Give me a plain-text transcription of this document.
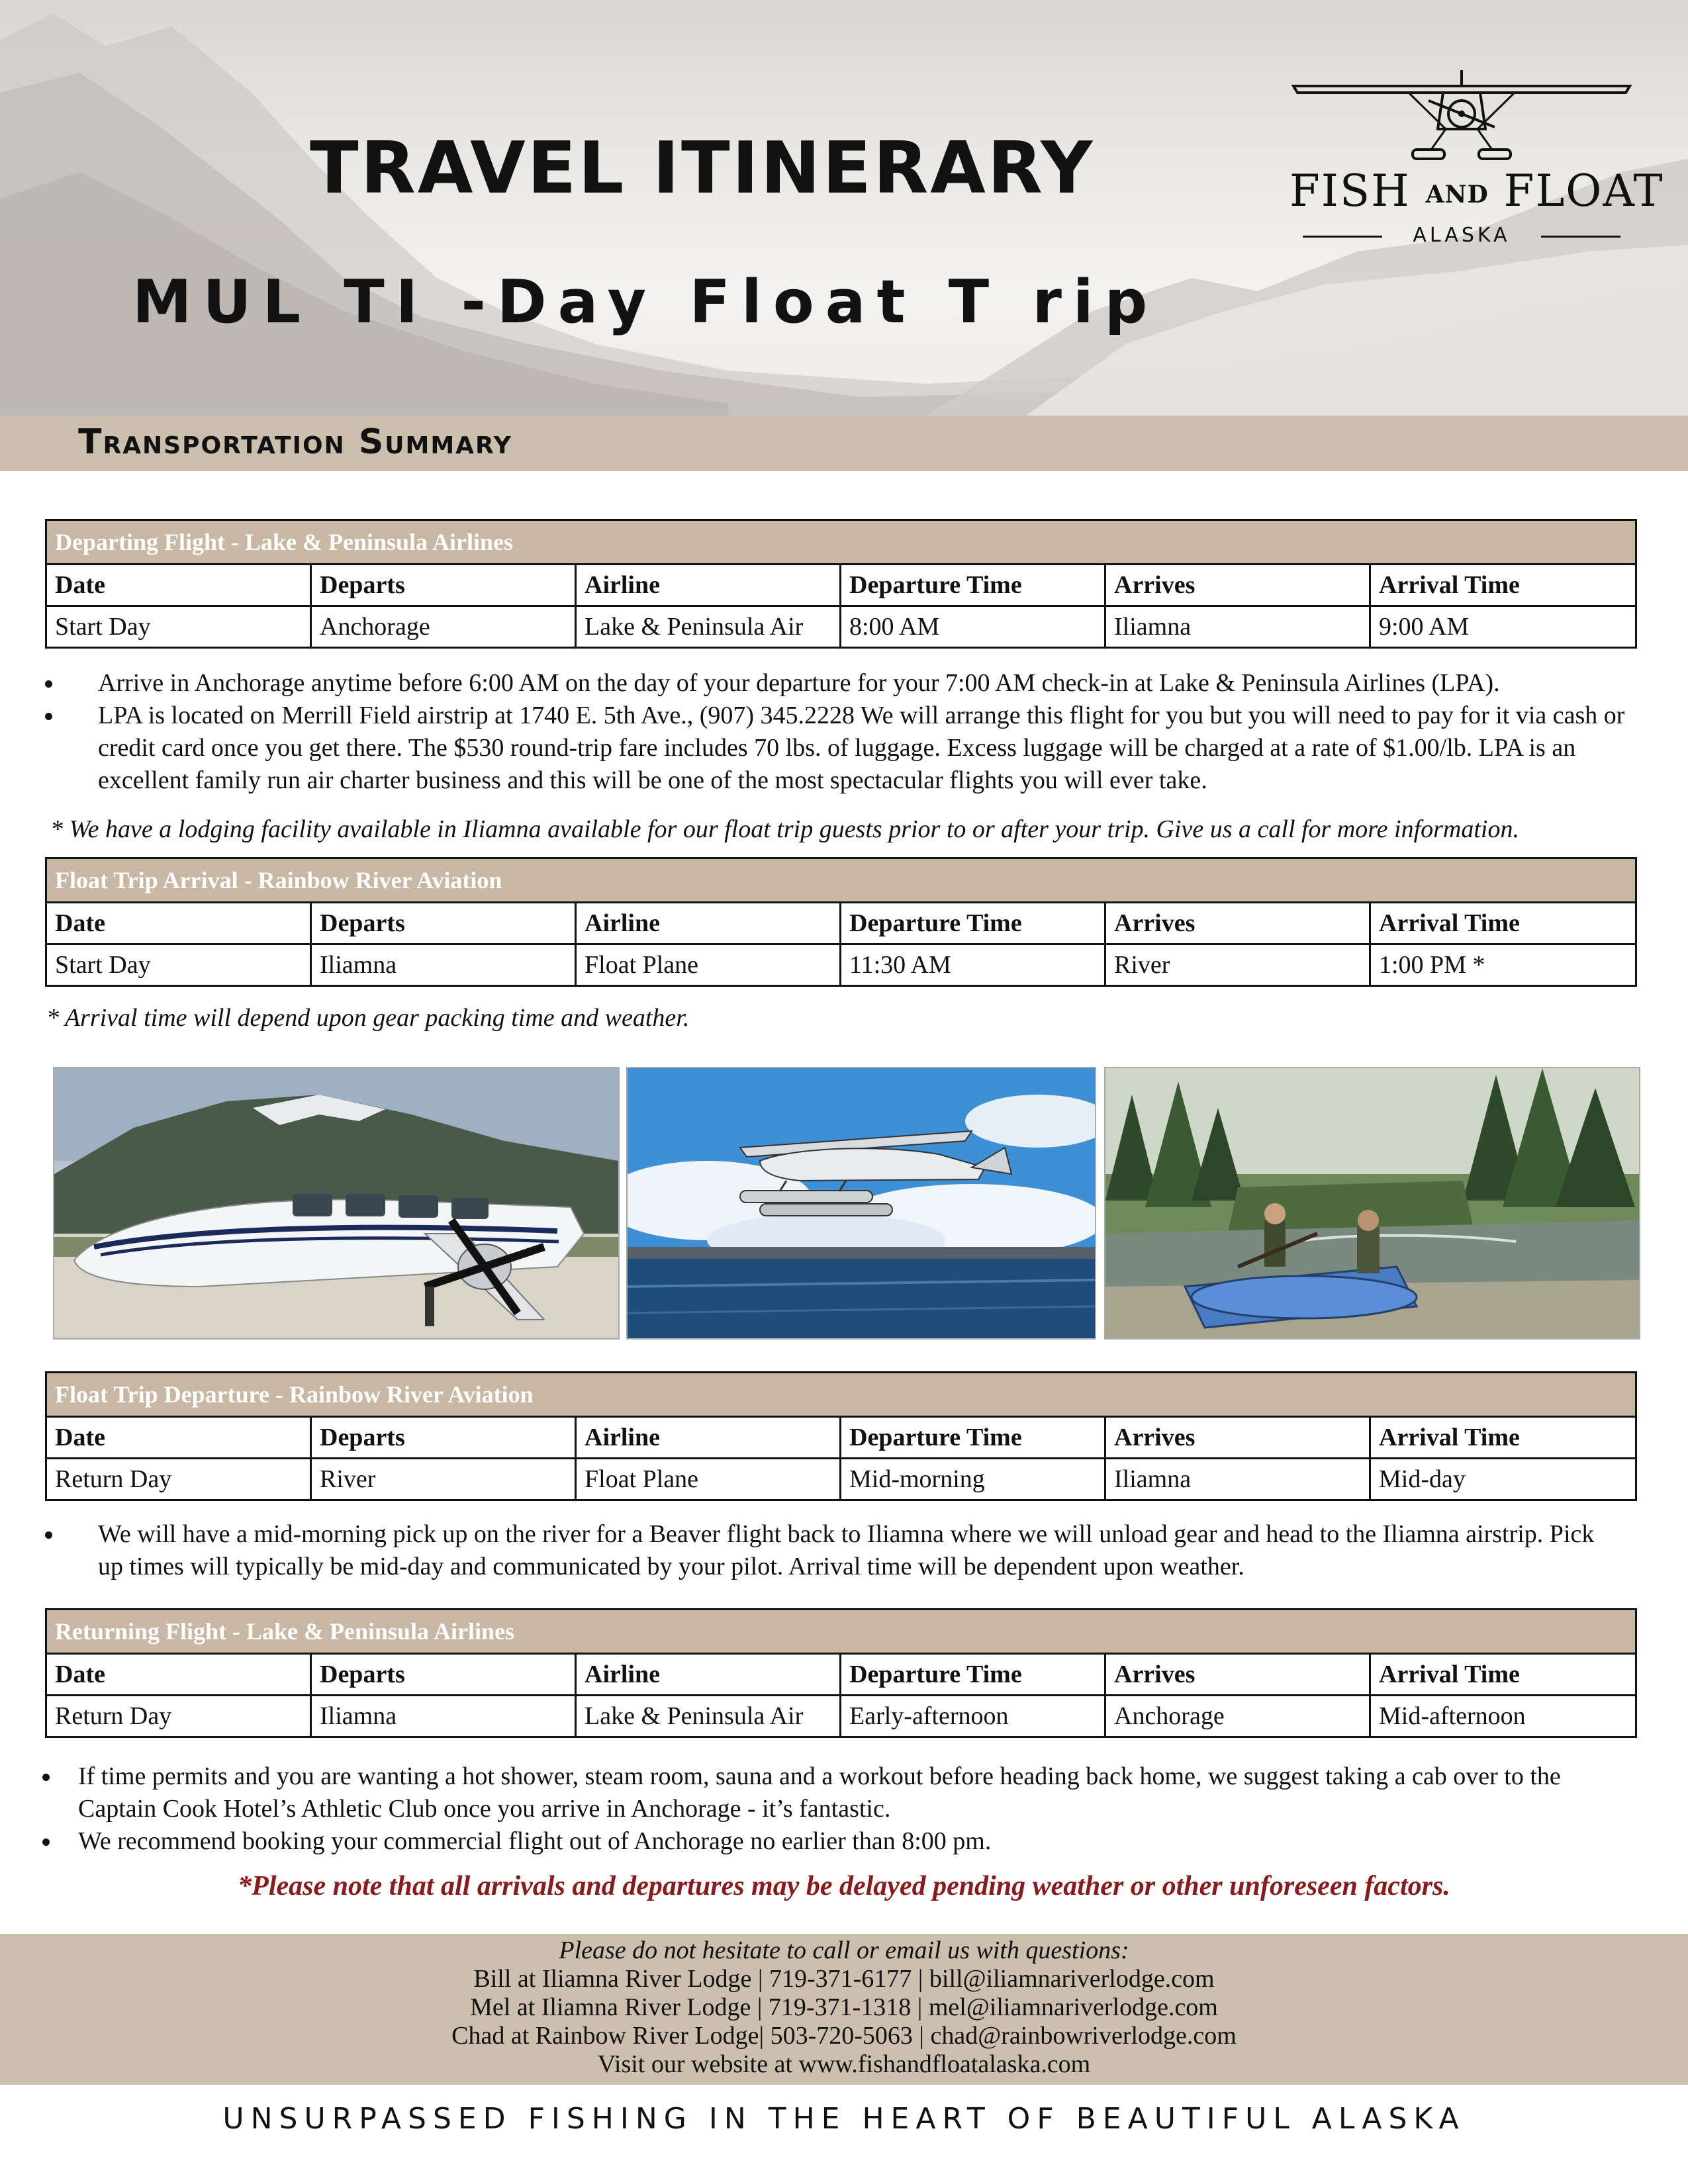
TRAVEL ITINERARY
MUL TI -Day Float T rip
FISH AND FLOAT
ALASKA
Transportation Summary
Departing Flight - Lake & Peninsula Airlines					
Date	Departs	Airline	Departure Time	Arrives	Arrival Time
Start Day	Anchorage	Lake & Peninsula Air	8:00 AM	Iliamna	9:00 AM
Arrive in Anchorage anytime before 6:00 AM on the day of your departure for your 7:00 AM check-in at Lake & Peninsula Airlines (LPA).
LPA is located on Merrill Field airstrip at 1740 E. 5th Ave., (907) 345.2228 We will arrange this flight for you but you will need to pay for it via cash or credit card once you get there. The $530 round-trip fare includes 70 lbs. of luggage. Excess luggage will be charged at a rate of $1.00/lb. LPA is an excellent family run air charter business and this will be one of the most spectacular flights you will ever take.

* We have a lodging facility available in Iliamna available for our float trip guests prior to or after your trip. Give us a call for more information.

Float Trip Arrival - Rainbow River Aviation					
Date	Departs	Airline	Departure Time	Arrives	Arrival Time
Start Day	Iliamna	Float Plane	11:30 AM	River	1:00 PM *

* Arrival time will depend upon gear packing time and weather.

Float Trip Departure - Rainbow River Aviation					
Date	Departs	Airline	Departure Time	Arrives	Arrival Time
Return Day	River	Float Plane	Mid-morning	Iliamna	Mid-day
We will have a mid-morning pick up on the river for a Beaver flight back to Iliamna where we will unload gear and head to the Iliamna airstrip. Pick up times will typically be mid-day and communicated by your pilot. Arrival time will be dependent upon weather.
Returning Flight - Lake & Peninsula Airlines					
Date	Departs	Airline	Departure Time	Arrives	Arrival Time
Return Day	Iliamna	Lake & Peninsula Air	Early-afternoon	Anchorage	Mid-afternoon
If time permits and you are wanting a hot shower, steam room, sauna and a workout before heading back home, we suggest taking a cab over to the Captain Cook Hotel’s Athletic Club once you arrive in Anchorage - it’s fantastic.
We recommend booking your commercial flight out of Anchorage no earlier than 8:00 pm.

*Please note that all arrivals and departures may be delayed pending weather or other unforeseen factors.

Please do not hesitate to call or email us with questions:

Bill at Iliamna River Lodge | 719-371-6177 | bill@iliamnariverlodge.com

Mel at Iliamna River Lodge | 719-371-1318 | mel@iliamnariverlodge.com

Chad at Rainbow River Lodge| 503-720-5063 | chad@rainbowriverlodge.com

Visit our website at www.fishandfloatalaska.com

UNSURPASSED FISHING IN THE HEART OF BEAUTIFUL ALASKA
